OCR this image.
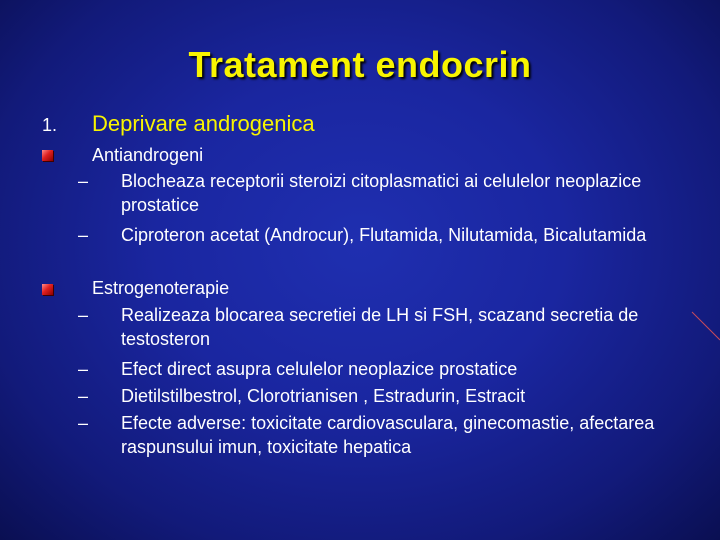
Tratament endocrin
1. Deprivare androgenica
Antiandrogeni
– Blocheaza receptorii steroizi citoplasmatici ai celulelor neoplazice prostatice
– Ciproteron acetat (Androcur), Flutamida, Nilutamida, Bicalutamida
Estrogenoterapie
– Realizeaza blocarea secretiei de LH si FSH, scazand secretia de testosteron
– Efect direct asupra celulelor neoplazice prostatice
– Dietilstilbestrol, Clorotrianisen , Estradurin, Estracit
– Efecte adverse: toxicitate cardiovasculara, ginecomastie, afectarea raspunsului imun, toxicitate hepatica
